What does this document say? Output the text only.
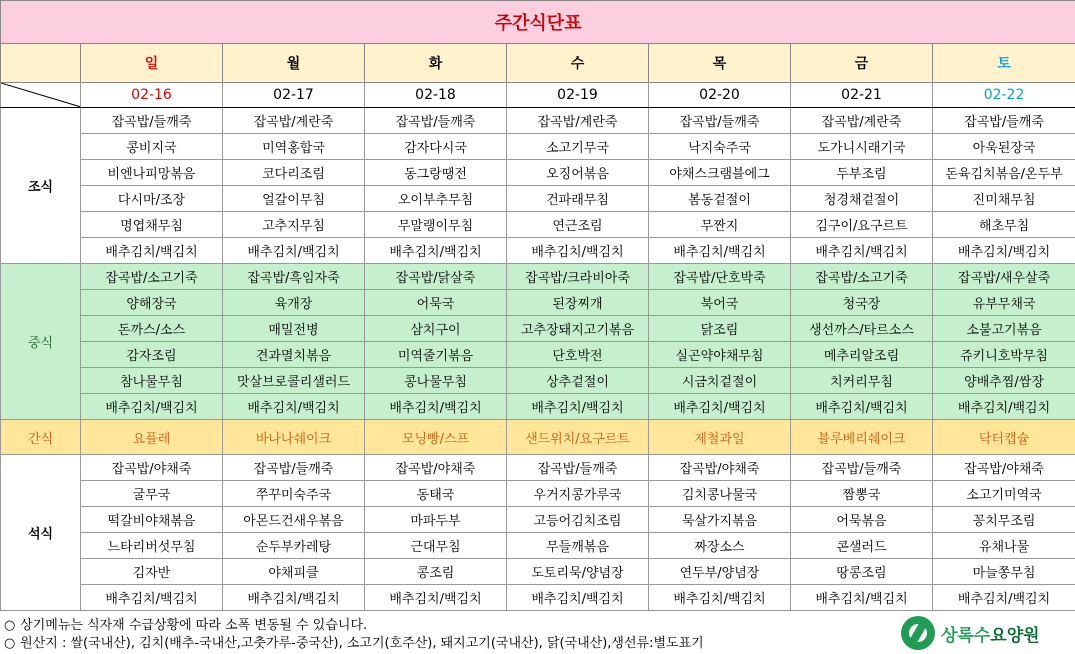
주간식단표							
	일	월	화	수	목	금	토

	02-16	02-17	02-18	02-19	02-20	02-21	02-22
조식	잡곡밥/들깨죽	잡곡밥/계란죽	잡곡밥/들깨죽	잡곡밥/계란죽	잡곡밥/들깨죽	잡곡밥/계란죽	잡곡밥/들깨죽
	콩비지국	미역홍합국	감자다시국	소고기무국	낙지숙주국	도가니시래기국	아욱된장국
	비엔나피망볶음	코다리조림	동그랑땡전	오징어볶음	야채스크램블에그	두부조림	돈육김치볶음/온두부
	다시마/조장	얼갈이무침	오이부추무침	건파래무침	봄동겉절이	청경채겉절이	진미채무침
	명엽채무침	고추지무침	무말랭이무침	연근조림	무짠지	김구이/요구르트	해초무침
	배추김치/백김치	배추김치/백김치	배추김치/백김치	배추김치/백김치	배추김치/백김치	배추김치/백김치	배추김치/백김치
중식	잡곡밥/소고기죽	잡곡밥/흑임자죽	잡곡밥/닭살죽	잡곡밥/크라비아죽	잡곡밥/단호박죽	잡곡밥/소고기죽	잡곡밥/새우살죽
	양해장국	육개장	어묵국	된장찌개	북어국	청국장	유부무채국
	돈까스/소스	매밀전병	삼치구이	고추장돼지고기볶음	닭조림	생선까스/타르소스	소불고기볶음
	감자조림	견과멸치볶음	미역줄기볶음	단호박전	실곤약야채무침	메추리알조림	쥬키니호박무침
	참나물무침	맛살브로콜리샐러드	콩나물무침	상추겉절이	시금치겉절이	치커리무침	양배추찜/쌈장
	배추김치/백김치	배추김치/백김치	배추김치/백김치	배추김치/백김치	배추김치/백김치	배추김치/백김치	배추김치/백김치
간식	요플레	바나나쉐이크	모닝빵/스프	샌드위치/요구르트	제철과일	블루베리쉐이크	닥터캡슐
석식	잡곡밥/야채죽	잡곡밥/들깨죽	잡곡밥/야채죽	잡곡밥/들깨죽	잡곡밥/야채죽	잡곡밥/들깨죽	잡곡밥/야채죽
	굴무국	쭈꾸미숙주국	동태국	우거지콩가루국	김치콩나물국	짬뽕국	소고기미역국
	떡갈비야채볶음	아몬드건새우볶음	마파두부	고등어김치조림	묵살가지볶음	어묵볶음	꽁치무조림
	느타리버섯무침	순두부카레탕	근대무침	무들깨볶음	짜장소스	콘샐러드	유채나물
	김자반	야채피클	콩조림	도토리묵/양념장	연두부/양념장	땅콩조림	마늘쫑무침
	배추김치/백김치	배추김치/백김치	배추김치/백김치	배추김치/백김치	배추김치/백김치	배추김치/백김치	배추김치/백김치
○ 상기메뉴는 식자재 수급상황에 따라 소폭 변동될 수 있습니다.
○ 원산지 : 쌀(국내산), 김치(배추-국내산,고춧가루-중국산), 소고기(호주산), 돼지고기(국내산), 닭(국내산),생선류:별도표기	상록수요양원
